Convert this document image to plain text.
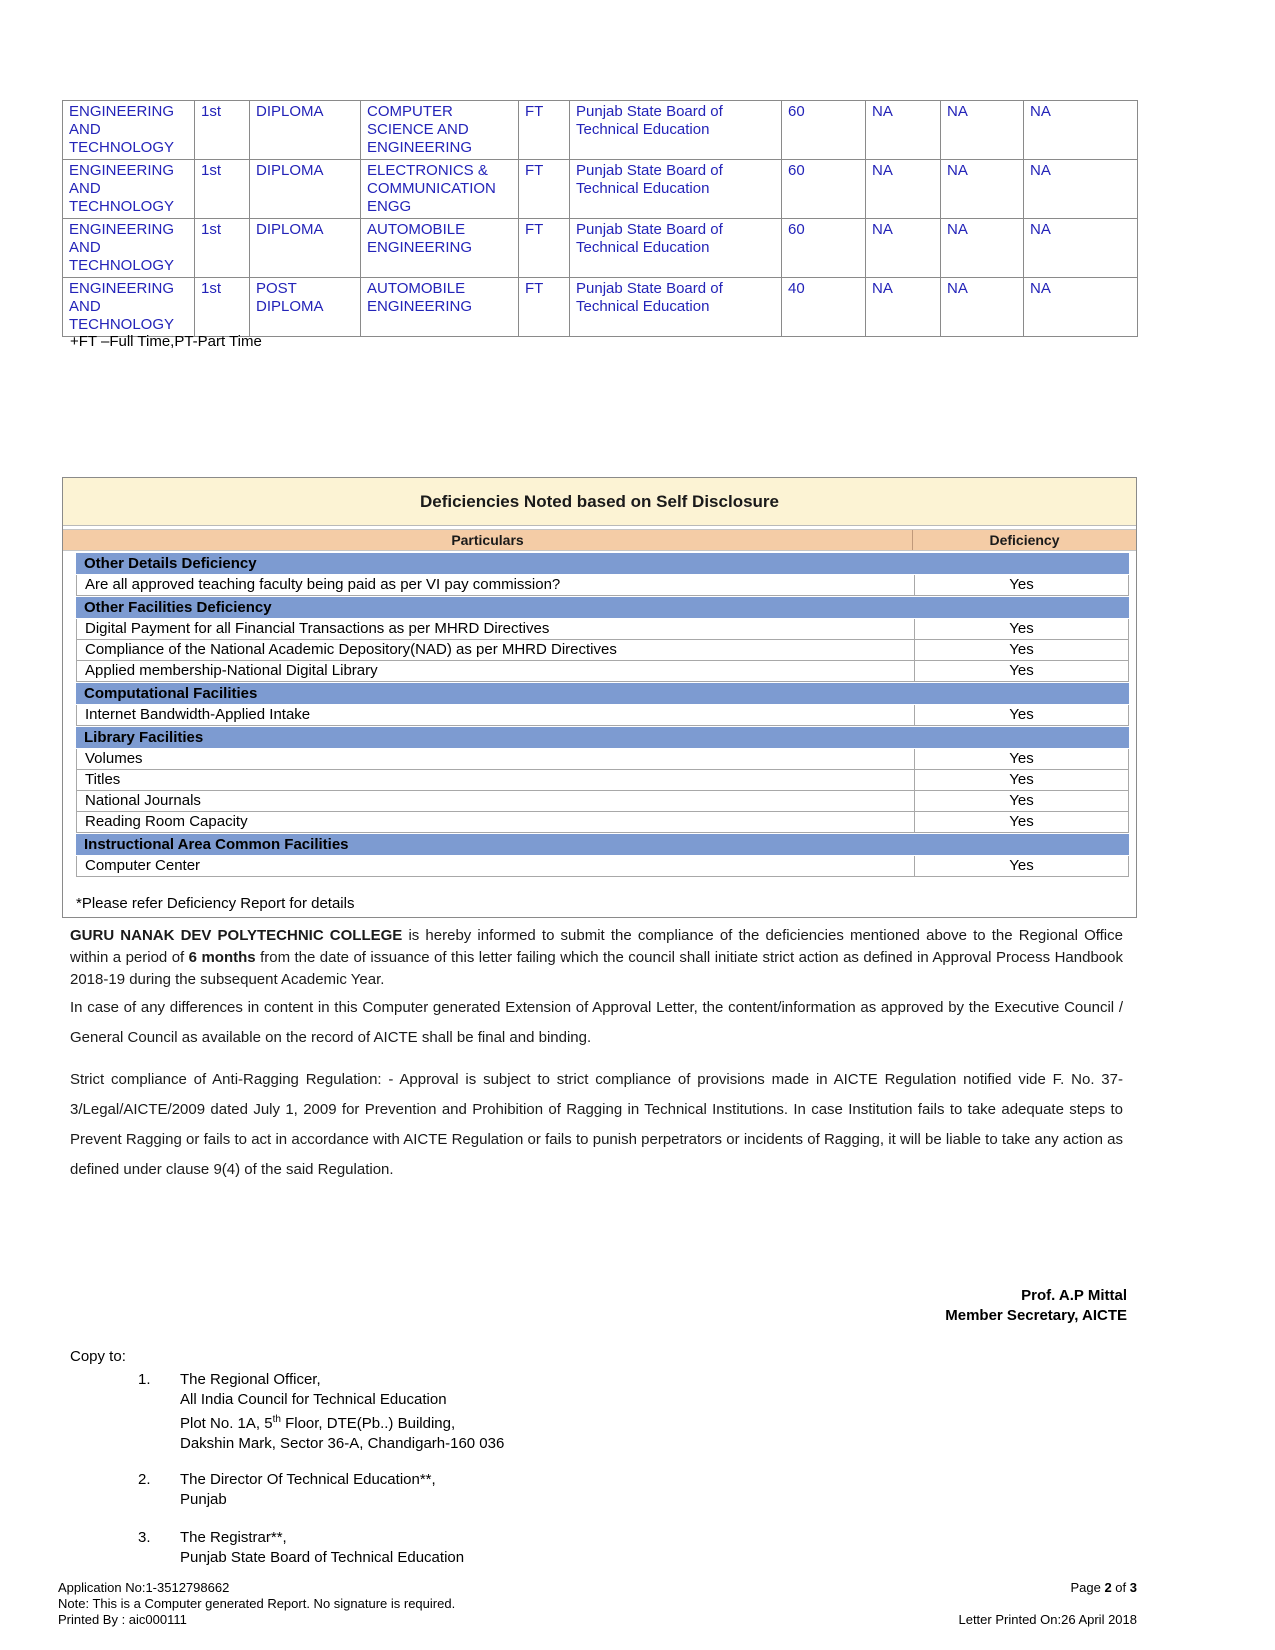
ENGINEERING AND TECHNOLOGY	1st	DIPLOMA	COMPUTER SCIENCE AND ENGINEERING	FT	Punjab State Board of Technical Education	60	NA	NA	NA
ENGINEERING AND TECHNOLOGY	1st	DIPLOMA	ELECTRONICS & COMMUNICATION ENGG	FT	Punjab State Board of Technical Education	60	NA	NA	NA
ENGINEERING AND TECHNOLOGY	1st	DIPLOMA	AUTOMOBILE ENGINEERING	FT	Punjab State Board of Technical Education	60	NA	NA	NA
ENGINEERING AND TECHNOLOGY	1st	POST DIPLOMA	AUTOMOBILE ENGINEERING	FT	Punjab State Board of Technical Education	40	NA	NA	NA
+FT –Full Time,PT-Part Time
Deficiencies Noted based on Self Disclosure
Particulars	Deficiency
Other Details Deficiency
Are all approved teaching faculty being paid as per VI pay commission?	Yes
Other Facilities Deficiency
Digital Payment for all Financial Transactions as per MHRD Directives	Yes
Compliance of the National Academic Depository(NAD) as per MHRD Directives	Yes
Applied membership-National Digital Library	Yes
Computational Facilities
Internet Bandwidth-Applied Intake	Yes
Library Facilities
Volumes	Yes
Titles	Yes
National Journals	Yes
Reading Room Capacity	Yes
Instructional Area Common Facilities
Computer Center	Yes
*Please refer Deficiency Report for details
GURU NANAK DEV POLYTECHNIC COLLEGE is hereby informed to submit the compliance of the deficiencies mentioned above to the Regional Office within a period of 6 months from the date of issuance of this letter failing which the council shall initiate strict action as defined in Approval Process Handbook 2018-19 during the subsequent Academic Year.
In case of any differences in content in this Computer generated Extension of Approval Letter, the content/information as approved by the Executive Council / General Council as available on the record of AICTE shall be final and binding.
Strict compliance of Anti-Ragging Regulation: - Approval is subject to strict compliance of provisions made in AICTE Regulation notified vide F. No. 37-3/Legal/AICTE/2009 dated July 1, 2009 for Prevention and Prohibition of Ragging in Technical Institutions. In case Institution fails to take adequate steps to Prevent Ragging or fails to act in accordance with AICTE Regulation or fails to punish perpetrators or incidents of Ragging, it will be liable to take any action as defined under clause 9(4) of the said Regulation.
Prof. A.P Mittal
Member Secretary, AICTE
Copy to:
1.	The Regional Officer,
All India Council for Technical Education
Plot No. 1A, 5th Floor, DTE(Pb..) Building,
Dakshin Mark, Sector 36-A, Chandigarh-160 036
2.	The Director Of Technical Education**,
Punjab
3.	The Registrar**,
Punjab State Board of Technical Education
Application No:1-3512798662
Note: This is a Computer generated Report. No signature is required.
Printed By : aic000111
Page 2 of 3
Letter Printed On:26 April 2018
